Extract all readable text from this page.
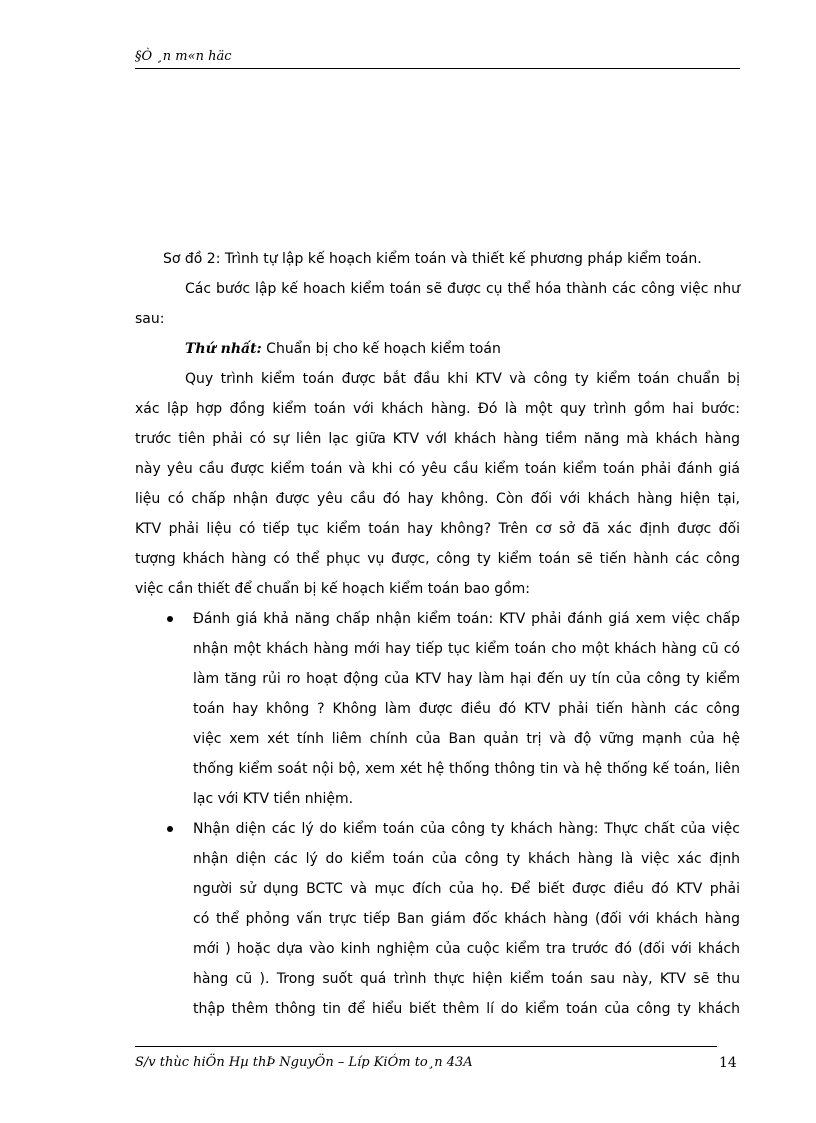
§Ò ¸n m«n häc
Sơ đồ 2: Trình tự lập kế hoạch kiểm toán và thiết kế phương pháp kiểm toán.
Các bước lập kế hoach kiểm toán sẽ được cụ thể hóa thành các công việc như
sau:
Thứ nhất: Chuẩn bị cho kế hoạch kiểm toán
Quy trình kiểm toán được bắt đầu khi KTV và công ty kiểm toán chuẩn bị
xác lập hợp đồng kiểm toán với khách hàng. Đó là một quy trình gồm hai bước:
trước tiên phải có sự liên lạc giữa KTV vớI khách hàng tiềm năng mà khách hàng
này yêu cầu được kiểm toán và khi có yêu cầu kiểm toán kiểm toán phải đánh giá
liệu có chấp nhận được yêu cầu đó hay không. Còn đối với khách hàng hiện tại,
KTV phải liệu có tiếp tục kiểm toán hay không? Trên cơ sở đã xác định được đối
tượng khách hàng có thể phục vụ được, công ty kiểm toán sẽ tiến hành các công
việc cần thiết để chuẩn bị kế hoạch kiểm toán bao gồm:
Đánh giá khả năng chấp nhận kiểm toán: KTV phải đánh giá xem việc chấp
nhận một khách hàng mới hay tiếp tục kiểm toán cho một khách hàng cũ có
làm tăng rủi ro hoạt động của KTV hay làm hại đến uy tín của công ty kiểm
toán hay không ? Không làm được điều đó KTV phải tiến hành các công
việc xem xét tính liêm chính của Ban quản trị và độ vững mạnh của hệ
thống kiểm soát nội bộ, xem xét hệ thống thông tin và hệ thống kế toán, liên
lạc với KTV tiền nhiệm.
Nhận diện các lý do kiểm toán của công ty khách hàng: Thực chất của việc
nhận diện các lý do kiểm toán của công ty khách hàng là việc xác định
người sử dụng BCTC và mục đích của họ. Để biết được điều đó KTV phải
có thể phỏng vấn trực tiếp Ban giám đốc khách hàng (đối với khách hàng
mới ) hoặc dựa vào kinh nghiệm của cuộc kiểm tra trước đó (đối với khách
hàng cũ ). Trong suốt quá trình thực hiện kiểm toán sau này, KTV sẽ thu
thập thêm thông tin để hiểu biết thêm lí do kiểm toán của công ty khách
S/v thùc hiÖn Hµ thÞ NguyÖn – Líp KiÓm to¸n 43A	14
